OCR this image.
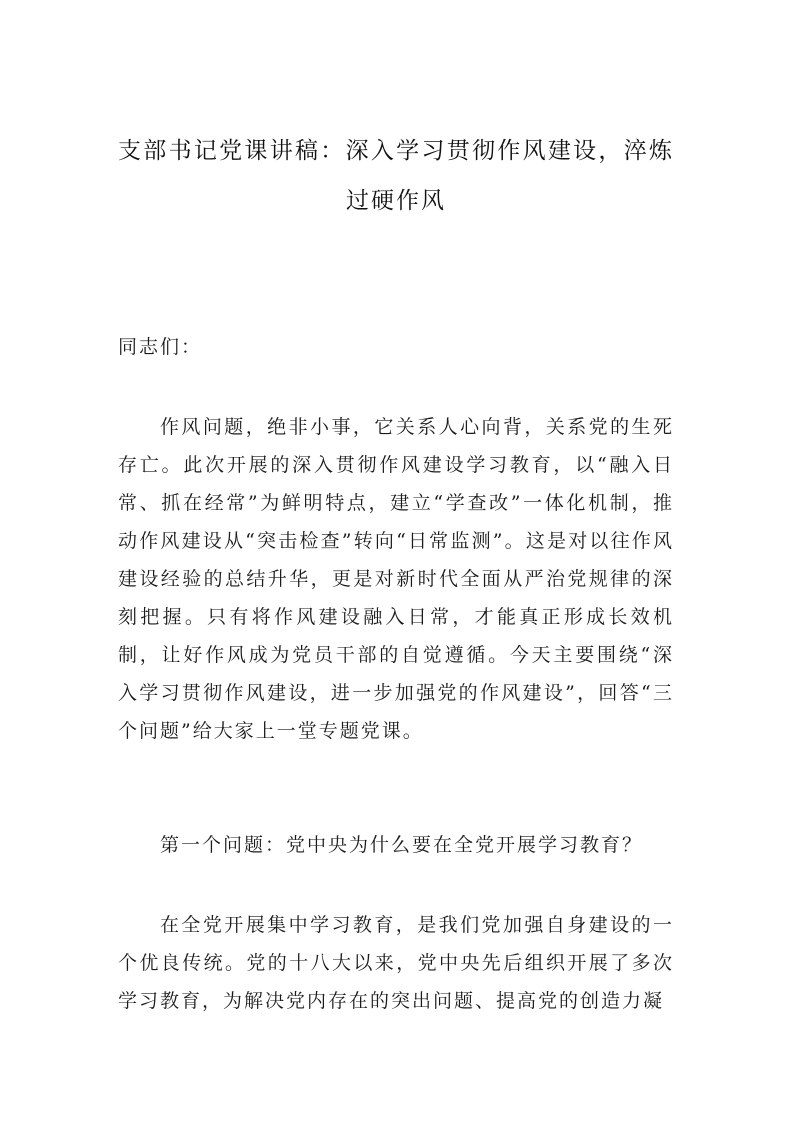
支部书记党课讲稿：深入学习贯彻作风建设，淬炼过硬作风

同志们：

作风问题，绝非小事，它关系人心向背，关系党的生死存亡。此次开展的深入贯彻作风建设学习教育，以“融入日常、抓在经常”为鲜明特点，建立“学查改”一体化机制，推动作风建设从“突击检查”转向“日常监测”。这是对以往作风建设经验的总结升华，更是对新时代全面从严治党规律的深刻把握。只有将作风建设融入日常，才能真正形成长效机制，让好作风成为党员干部的自觉遵循。今天主要围绕“深入学习贯彻作风建设，进一步加强党的作风建设”，回答“三个问题”给大家上一堂专题党课。

第一个问题：党中央为什么要在全党开展学习教育？

在全党开展集中学习教育，是我们党加强自身建设的一个优良传统。党的十八大以来，党中央先后组织开展了多次学习教育，为解决党内存在的突出问题、提高党的创造力凝
